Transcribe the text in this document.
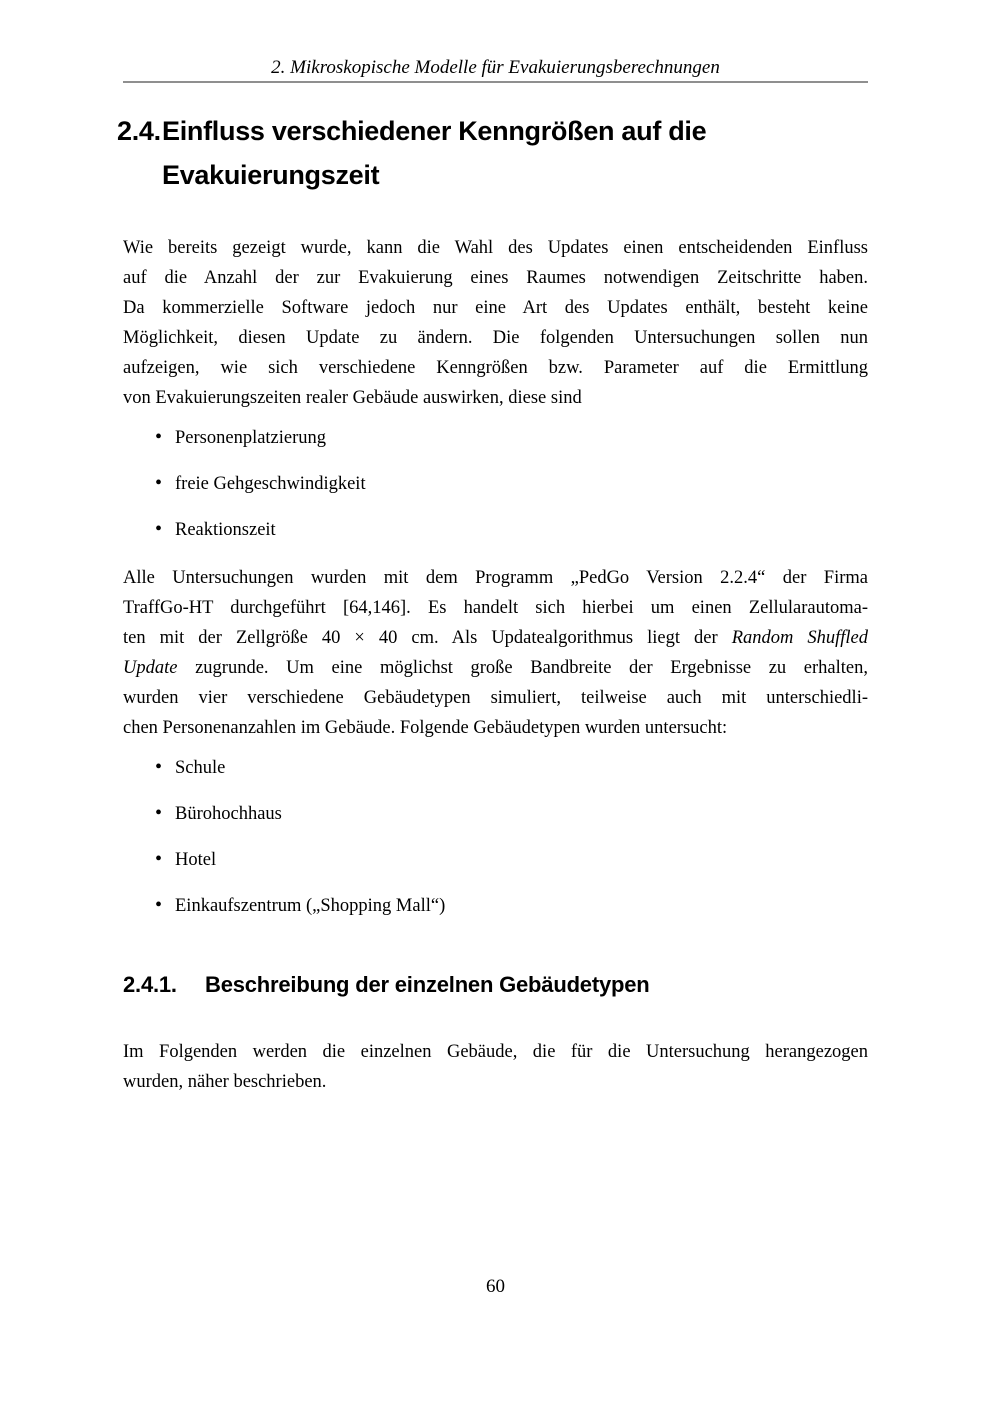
2. Mikroskopische Modelle für Evakuierungsberechnungen
2.4. Einfluss verschiedener Kenngrößen auf die
Evakuierungszeit
Wie bereits gezeigt wurde, kann die Wahl des Updates einen entscheidenden Einfluss
auf die Anzahl der zur Evakuierung eines Raumes notwendigen Zeitschritte haben.
Da kommerzielle Software jedoch nur eine Art des Updates enthält, besteht keine
Möglichkeit, diesen Update zu ändern. Die folgenden Untersuchungen sollen nun
aufzeigen, wie sich verschiedene Kenngrößen bzw. Parameter auf die Ermittlung
von Evakuierungszeiten realer Gebäude auswirken, diese sind
• Personenplatzierung
• freie Gehgeschwindigkeit
• Reaktionszeit
Alle Untersuchungen wurden mit dem Programm „PedGo Version 2.2.4“ der Firma
TraffGo-HT durchgeführt [64,146]. Es handelt sich hierbei um einen Zellularautoma-
ten mit der Zellgröße 40 × 40 cm. Als Updatealgorithmus liegt der Random Shuffled
Update zugrunde. Um eine möglichst große Bandbreite der Ergebnisse zu erhalten,
wurden vier verschiedene Gebäudetypen simuliert, teilweise auch mit unterschiedli-
chen Personenanzahlen im Gebäude. Folgende Gebäudetypen wurden untersucht:
• Schule
• Bürohochhaus
• Hotel
• Einkaufszentrum („Shopping Mall“)
2.4.1. Beschreibung der einzelnen Gebäudetypen
Im Folgenden werden die einzelnen Gebäude, die für die Untersuchung herangezogen
wurden, näher beschrieben.
60
